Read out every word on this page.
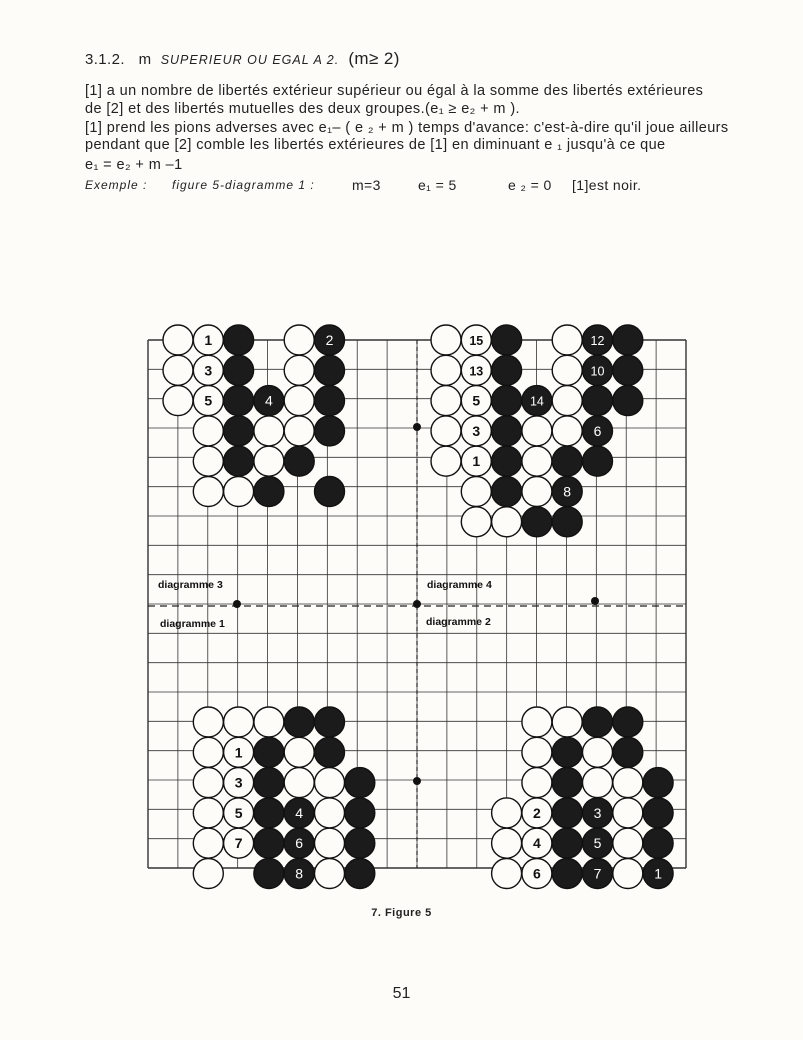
3.1.2. m SUPERIEUR OU EGAL A 2. (m≥ 2)
[1] a un nombre de libertés extérieur supérieur ou égal à la somme des libertés extérieures
de [2] et des libertés mutuelles des deux groupes.(e₁ ≥ e₂ + m ).
[1] prend les pions adverses avec e₁– ( e ₂ + m ) temps d'avance: c'est-à-dire qu'il joue ailleurs
pendant que [2] comble les libertés extérieures de [1] en diminuant e ₁ jusqu'à ce que
e₁ = e₂ + m –1
Exemple : figure 5-diagramme 1 :	m=3	e₁ = 5	e ₂ = 0 [1]est noir.
1	2
3
5	4
15	12
13	10
5	14
3	6
1
8
1
3
5	4
7	6
8
2	3
4	5
6	7	1
diagramme 3	diagramme 4
diagramme 1	diagramme 2
7. Figure 5
51
